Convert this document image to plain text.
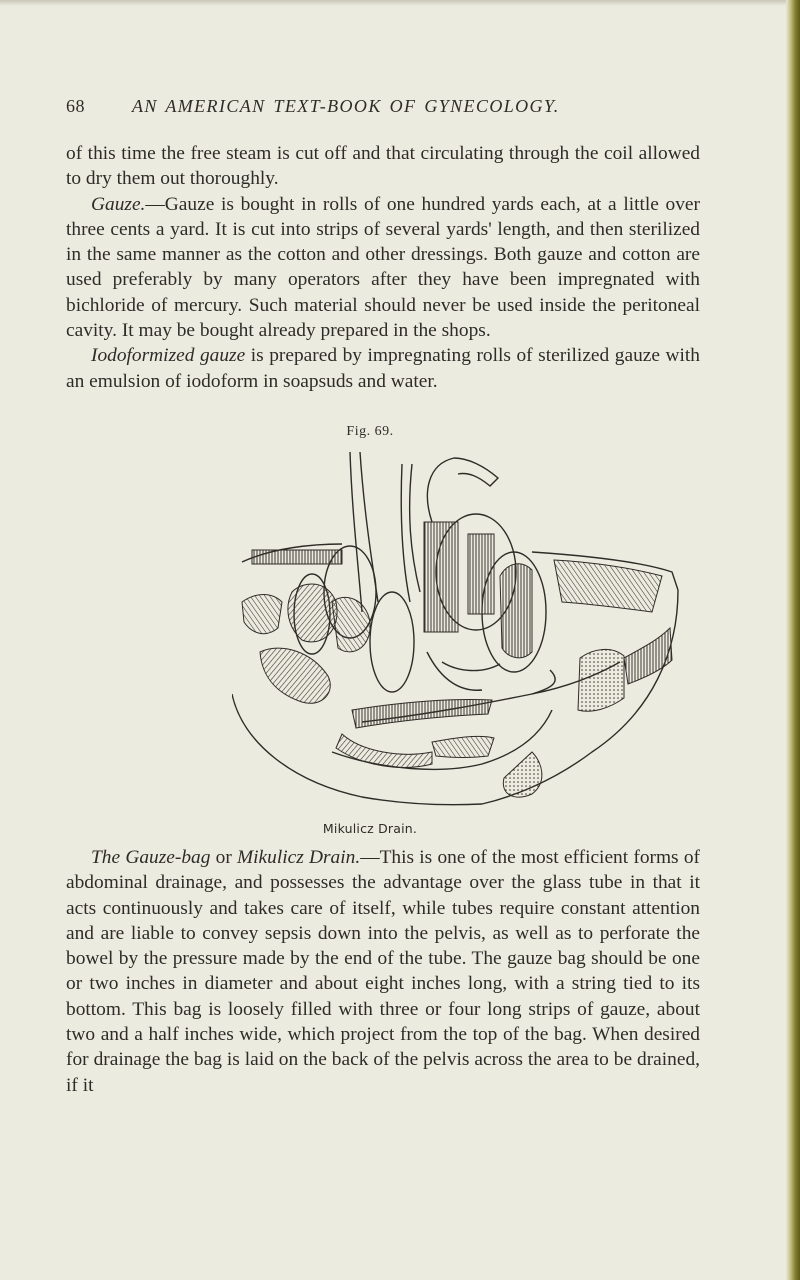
68	AN AMERICAN TEXT-BOOK OF GYNECOLOGY.

of this time the free steam is cut off and that circulating through the coil allowed to dry them out thoroughly.

Gauze.—Gauze is bought in rolls of one hundred yards each, at a little over three cents a yard. It is cut into strips of several yards' length, and then sterilized in the same manner as the cotton and other dressings. Both gauze and cotton are used preferably by many operators after they have been impregnated with bichloride of mercury. Such material should never be used inside the peritoneal cavity. It may be bought already prepared in the shops.

Iodoformized gauze is prepared by impregnating rolls of sterilized gauze with an emulsion of iodoform in soapsuds and water.

Fig. 69.
Mikulicz Drain.

The Gauze-bag or Mikulicz Drain.—This is one of the most efficient forms of abdominal drainage, and possesses the advantage over the glass tube in that it acts continuously and takes care of itself, while tubes require constant attention and are liable to convey sepsis down into the pelvis, as well as to perforate the bowel by the pressure made by the end of the tube. The gauze bag should be one or two inches in diameter and about eight inches long, with a string tied to its bottom. This bag is loosely filled with three or four long strips of gauze, about two and a half inches wide, which project from the top of the bag. When desired for drainage the bag is laid on the back of the pelvis across the area to be drained, if it
